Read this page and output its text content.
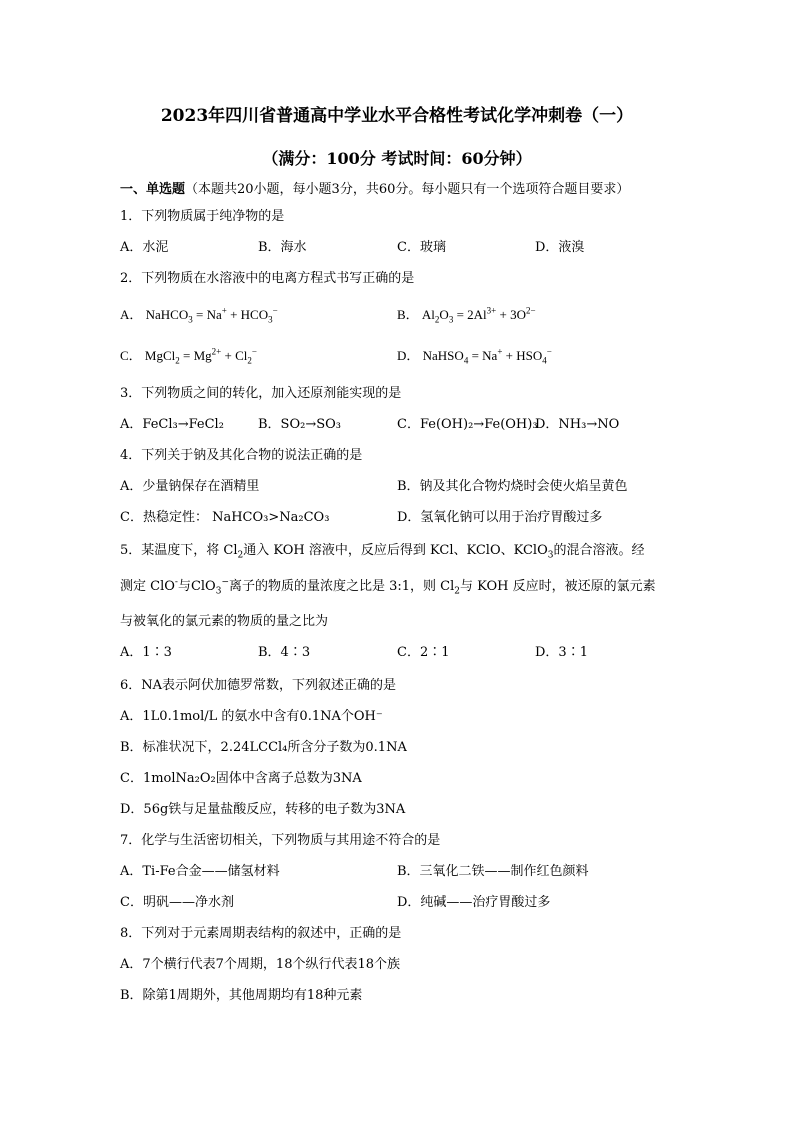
2023年四川省普通高中学业水平合格性考试化学冲刺卷（一）
（满分：100分 考试时间：60分钟）
一、单选题（本题共20小题，每小题3分，共60分。每小题只有一个选项符合题目要求）
1．下列物质属于纯净物的是
A．水泥	B．海水	C．玻璃	D．液溴
2．下列物质在水溶液中的电离方程式书写正确的是
A． NaHCO$_3$ = $Na^+ + HCO_3^-$	B． $Al_2O_3 = 2Al^{3+} + 3O^{2-}$
C． MgCl$_2$ = $Mg^{2+} + Cl_2^-$	D． NaHSO$_4$ = $Na^+ + HSO_4^-$
3．下列物质之间的转化，加入还原剂能实现的是
A．FeCl₃→FeCl₂	B．SO₂→SO₃	C．Fe(OH)₂→Fe(OH)₃
D．NH₃→NO
4．下列关于钠及其化合物的说法正确的是
A．少量钠保存在酒精里	B．钠及其化合物灼烧时会使火焰呈黄色
C．热稳定性： NaHCO₃>Na₂CO₃	D．氢氧化钠可以用于治疗胃酸过多
5．某温度下，将 $Cl_2$通入 KOH 溶液中，反应后得到 KCl、KClO、KClO$_3$的混合溶液。经
测定 ClO-与ClO$_3$−离子的物质的量浓度之比是 3:1，则 $Cl_2$与 KOH 反应时，被还原的氯元素
与被氧化的氯元素的物质的量之比为
A．1∶3	B．4∶3	C．2∶1	D．3∶1
6．NA表示阿伏加德罗常数，下列叙述正确的是
A．1L0.1mol/L 的氨水中含有0.1NA个OH⁻
B．标准状况下，2.24LCCl₄所含分子数为0.1NA
C．1molNa₂O₂固体中含离子总数为3NA
D．56g铁与足量盐酸反应，转移的电子数为3NA
7．化学与生活密切相关，下列物质与其用途不符合的是
A．Ti-Fe合金——储氢材料	B．三氧化二铁——制作红色颜料
C．明矾——净水剂	D．纯碱——治疗胃酸过多
8．下列对于元素周期表结构的叙述中，正确的是
A．7个横行代表7个周期，18个纵行代表18个族
B．除第1周期外，其他周期均有18种元素
